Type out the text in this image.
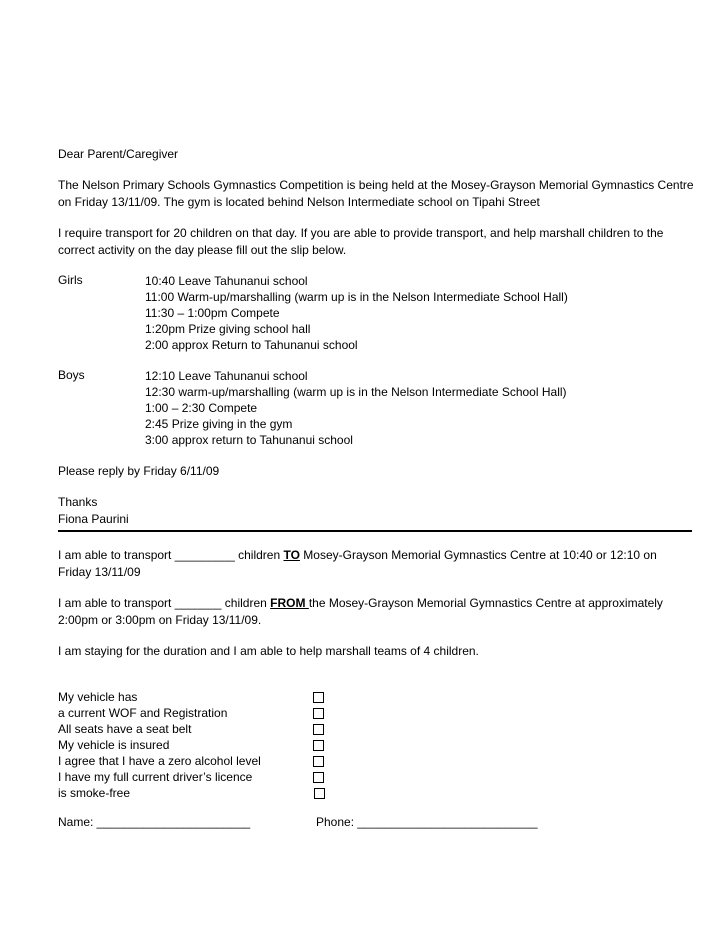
Dear Parent/Caregiver

The Nelson Primary Schools Gymnastics Competition is being held at the Mosey-Grayson Memorial Gymnastics Centre

on Friday 13/11/09. The gym is located behind Nelson Intermediate school on Tipahi Street

I require transport for 20 children on that day. If you are able to provide transport, and help marshall children to the

correct activity on the day please fill out the slip below.

Girls	10:40 Leave Tahunanui school
11:00 Warm-up/marshalling (warm up is in the Nelson Intermediate School Hall)
11:30 – 1:00pm Compete
1:20pm Prize giving school hall
2:00 approx Return to Tahunanui school
Boys	12:10 Leave Tahunanui school
12:30 warm-up/marshalling (warm up is in the Nelson Intermediate School Hall)
1:00 – 2:30 Compete
2:45 Prize giving in the gym
3:00 approx return to Tahunanui school

Please reply by Friday 6/11/09

Thanks

Fiona Paurini

I am able to transport _________ children TO Mosey-Grayson Memorial Gymnastics Centre at 10:40 or 12:10 on

Friday 13/11/09

I am able to transport _______ children FROM the Mosey-Grayson Memorial Gymnastics Centre at approximately

2:00pm or 3:00pm on Friday 13/11/09.

I am staying for the duration and I am able to help marshall teams of 4 children.

My vehicle has
a current WOF and Registration
All seats have a seat belt
My vehicle is insured
I agree that I have a zero alcohol level
I have my full current driver’s licence
is smoke-free
Name: _______________________	Phone: ___________________________
